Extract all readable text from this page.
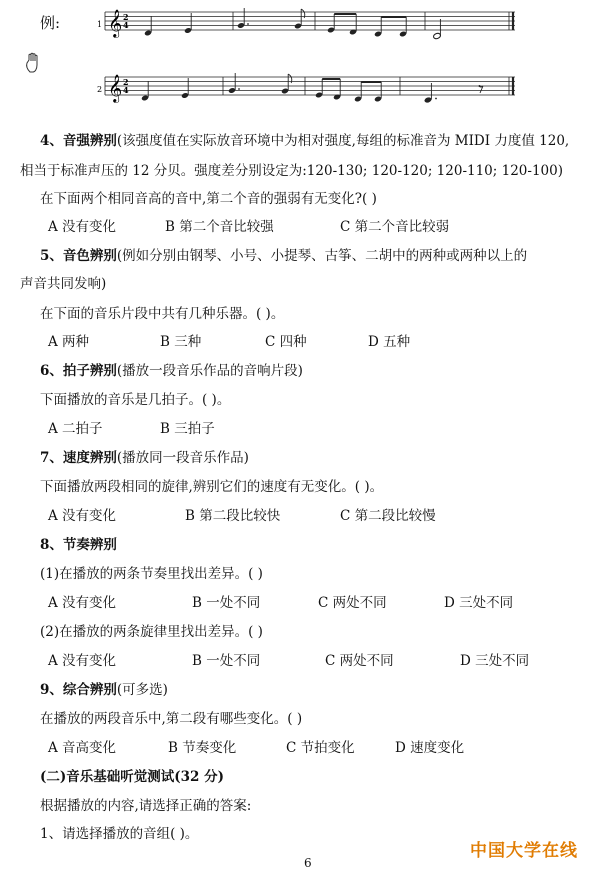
例:	1 𝄞 2
4
2 𝄞 2
4
4、音强辨别(该强度值在实际放音环境中为相对强度,每组的标准音为 MIDI 力度值 120,
相当于标准声压的 12 分贝。强度差分别设定为:120-130; 120-120; 120-110; 120-100)
在下面两个相同音高的音中,第二个音的强弱有无变化?( )
A 没有变化	B 第二个音比较强	C 第二个音比较弱
5、音色辨别(例如分别由钢琴、小号、小提琴、古筝、二胡中的两种或两种以上的
声音共同发响)
在下面的音乐片段中共有几种乐器。( )。
A 两种	B 三种	C 四种	D 五种
6、拍子辨别(播放一段音乐作品的音响片段)
下面播放的音乐是几拍子。( )。
A 二拍子	B 三拍子
7、速度辨别(播放同一段音乐作品)
下面播放两段相同的旋律,辨别它们的速度有无变化。( )。
A 没有变化	B 第二段比较快	C 第二段比较慢
8、节奏辨别
(1)在播放的两条节奏里找出差异。( )
A 没有变化	B 一处不同	C 两处不同	D 三处不同
(2)在播放的两条旋律里找出差异。( )
A 没有变化	B 一处不同	C 两处不同	D 三处不同
9、综合辨别(可多选)
在播放的两段音乐中,第二段有哪些变化。( )
A 音高变化	B 节奏变化	C 节拍变化	D 速度变化
(二)音乐基础听觉测试(32 分)
根据播放的内容,请选择正确的答案:
1、请选择播放的音组( )。
中国大学在线
6
